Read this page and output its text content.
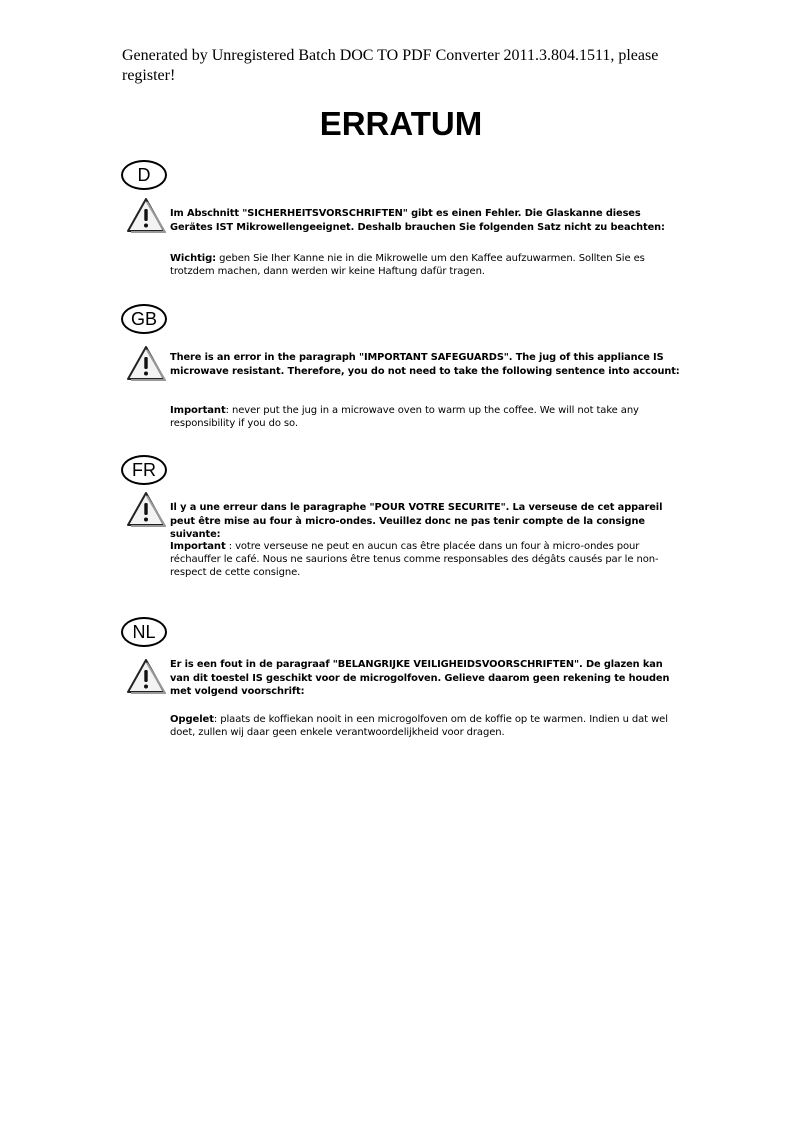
Generated by Unregistered Batch DOC TO PDF Converter 2011.3.804.1511, please register!
ERRATUM
D
Im Abschnitt "SICHERHEITSVORSCHRIFTEN" gibt es einen Fehler. Die Glaskanne dieses Gerätes IST Mikrowellengeeignet. Deshalb brauchen Sie folgenden Satz nicht zu beachten:
Wichtig: geben Sie Iher Kanne nie in die Mikrowelle um den Kaffee aufzuwarmen. Sollten Sie es trotzdem machen, dann werden wir keine Haftung dafür tragen.
GB
There is an error in the paragraph "IMPORTANT SAFEGUARDS". The jug of this appliance IS microwave resistant. Therefore, you do not need to take the following sentence into account:
Important: never put the jug in a microwave oven to warm up the coffee. We will not take any responsibility if you do so.
FR
Il y a une erreur dans le paragraphe "POUR VOTRE SECURITE". La verseuse de cet appareil peut être mise au four à micro-ondes. Veuillez donc ne pas tenir compte de la consigne suivante:
Important : votre verseuse ne peut en aucun cas être placée dans un four à micro-ondes pour réchauffer le café. Nous ne saurions être tenus comme responsables des dégâts causés par le non-respect de cette consigne.
NL
Er is een fout in de paragraaf "BELANGRIJKE VEILIGHEIDSVOORSCHRIFTEN". De glazen kan van dit toestel IS geschikt voor de microgolfoven. Gelieve daarom geen rekening te houden met volgend voorschrift:
Opgelet: plaats de koffiekan nooit in een microgolfoven om de koffie op te warmen. Indien u dat wel doet, zullen wij daar geen enkele verantwoordelijkheid voor dragen.
